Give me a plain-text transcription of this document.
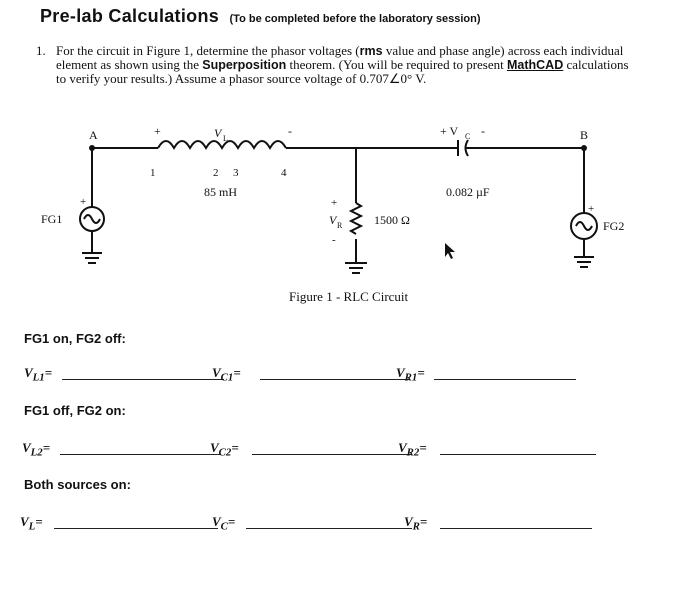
Pre-lab Calculations (To be completed before the laboratory session)
1. For the circuit in Figure 1, determine the phasor voltages (rms value and phase angle) across each individual element as shown using the Superposition theorem. (You will be required to present MathCAD calculations to verify your results.) Assume a phasor source voltage of 0.707∠0° V.
A	B
+	V L
-	+ V C -
1	2 3	4
85 mH	0.082 µF
1500 Ω
+
V R
-
FG1	FG2
+
+
Figure 1 - RLC Circuit
FG1 on, FG2 off:
$V_{L1}=$	$V_{C1}=$	$V_{R1}=$
FG1 off, FG2 on:
$V_{L2}=$	$V_{C2}=$	$V_{R2}=$
Both sources on:
$V_L=$	$V_C=$	$V_R=$
